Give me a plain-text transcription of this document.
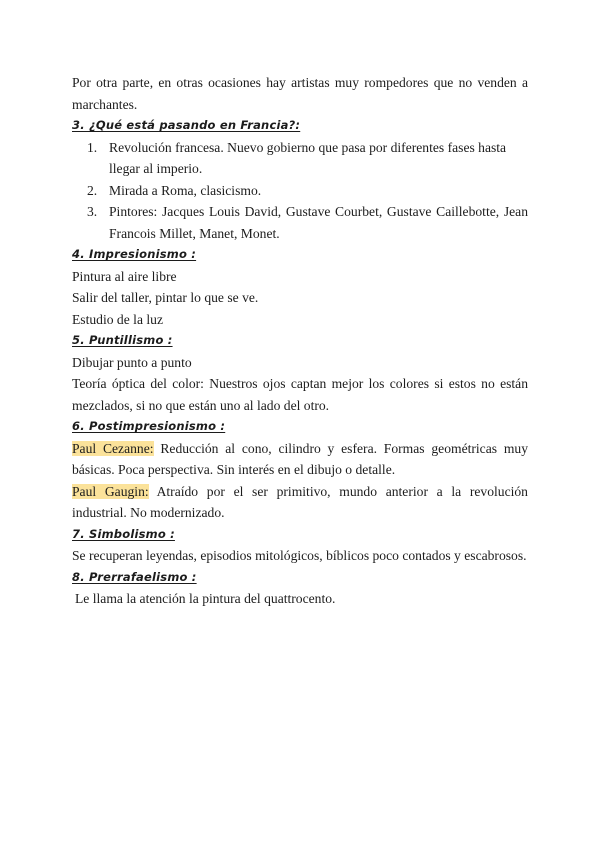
Por otra parte, en otras ocasiones hay artistas muy rompedores que no venden a

marchantes.

3. ¿Qué está pasando en Francia?:

1. Revolución francesa. Nuevo gobierno que pasa por diferentes fases hasta llegar al imperio.
2. Mirada a Roma, clasicismo.
3. Pintores: Jacques Louis David, Gustave Courbet, Gustave Caillebotte, Jean Francois Millet, Manet, Monet.

4. Impresionismo :

Pintura al aire libre

Salir del taller, pintar lo que se ve.

Estudio de la luz

5. Puntillismo :

Dibujar punto a punto

Teoría óptica del color: Nuestros ojos captan mejor los colores si estos no están mezclados, si no que están uno al lado del otro.

6. Postimpresionismo :

Paul Cezanne: Reducción al cono, cilindro y esfera. Formas geométricas muy básicas. Poca perspectiva. Sin interés en el dibujo o detalle.

Paul Gaugin: Atraído por el ser primitivo, mundo anterior a la revolución industrial. No modernizado.

7. Simbolismo :

Se recuperan leyendas, episodios mitológicos, bíblicos poco contados y escabrosos.

8. Prerrafaelismo :

Le llama la atención la pintura del quattrocento.
